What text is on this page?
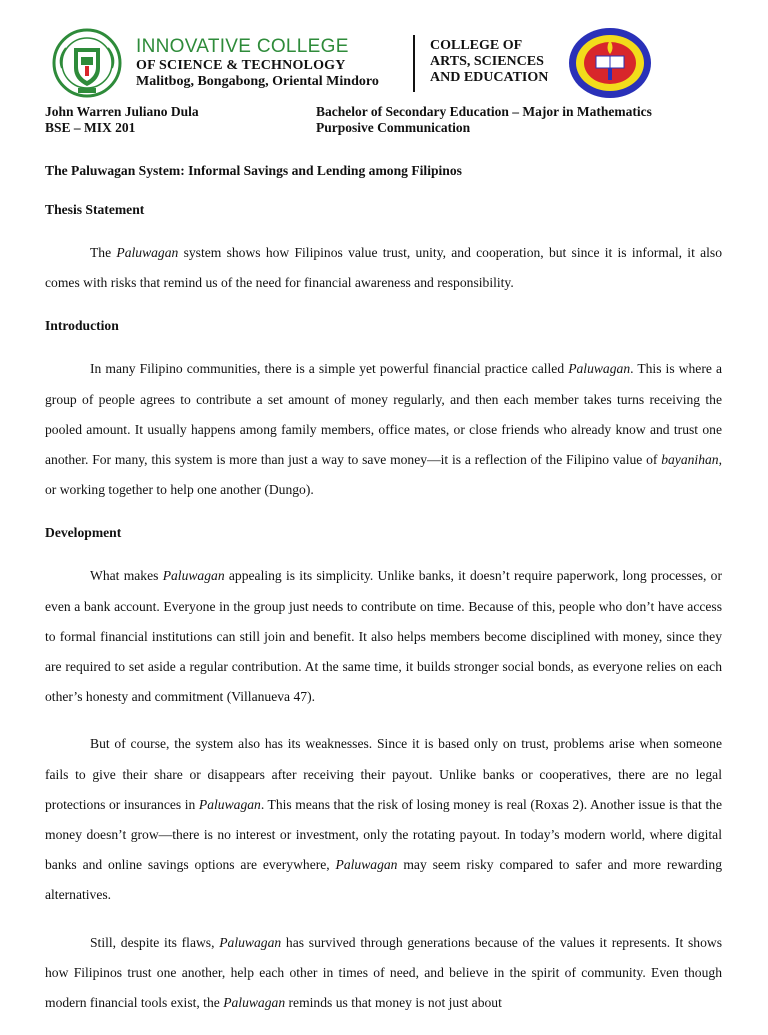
INNOVATIVE COLLEGE
OF SCIENCE & TECHNOLOGY
Malitbog, Bongabong, Oriental Mindoro
COLLEGE OF
ARTS, SCIENCES
AND EDUCATION
John Warren Juliano Dula
BSE – MIX 201
Bachelor of Secondary Education – Major in Mathematics
Purposive Communication
The Paluwagan System: Informal Savings and Lending among Filipinos
Thesis Statement

The Paluwagan system shows how Filipinos value trust, unity, and cooperation, but since it is informal, it also comes with risks that remind us of the need for financial awareness and responsibility.

Introduction

In many Filipino communities, there is a simple yet powerful financial practice called Paluwagan. This is where a group of people agrees to contribute a set amount of money regularly, and then each member takes turns receiving the pooled amount. It usually happens among family members, office mates, or close friends who already know and trust one another. For many, this system is more than just a way to save money—it is a reflection of the Filipino value of bayanihan, or working together to help one another (Dungo).

Development

What makes Paluwagan appealing is its simplicity. Unlike banks, it doesn’t require paperwork, long processes, or even a bank account. Everyone in the group just needs to contribute on time. Because of this, people who don’t have access to formal financial institutions can still join and benefit. It also helps members become disciplined with money, since they are required to set aside a regular contribution. At the same time, it builds stronger social bonds, as everyone relies on each other’s honesty and commitment (Villanueva 47).

But of course, the system also has its weaknesses. Since it is based only on trust, problems arise when someone fails to give their share or disappears after receiving their payout. Unlike banks or cooperatives, there are no legal protections or insurances in Paluwagan. This means that the risk of losing money is real (Roxas 2). Another issue is that the money doesn’t grow—there is no interest or investment, only the rotating payout. In today’s modern world, where digital banks and online savings options are everywhere, Paluwagan may seem risky compared to safer and more rewarding alternatives.

Still, despite its flaws, Paluwagan has survived through generations because of the values it represents. It shows how Filipinos trust one another, help each other in times of need, and believe in the spirit of community. Even though modern financial tools exist, the Paluwagan reminds us that money is not just about
